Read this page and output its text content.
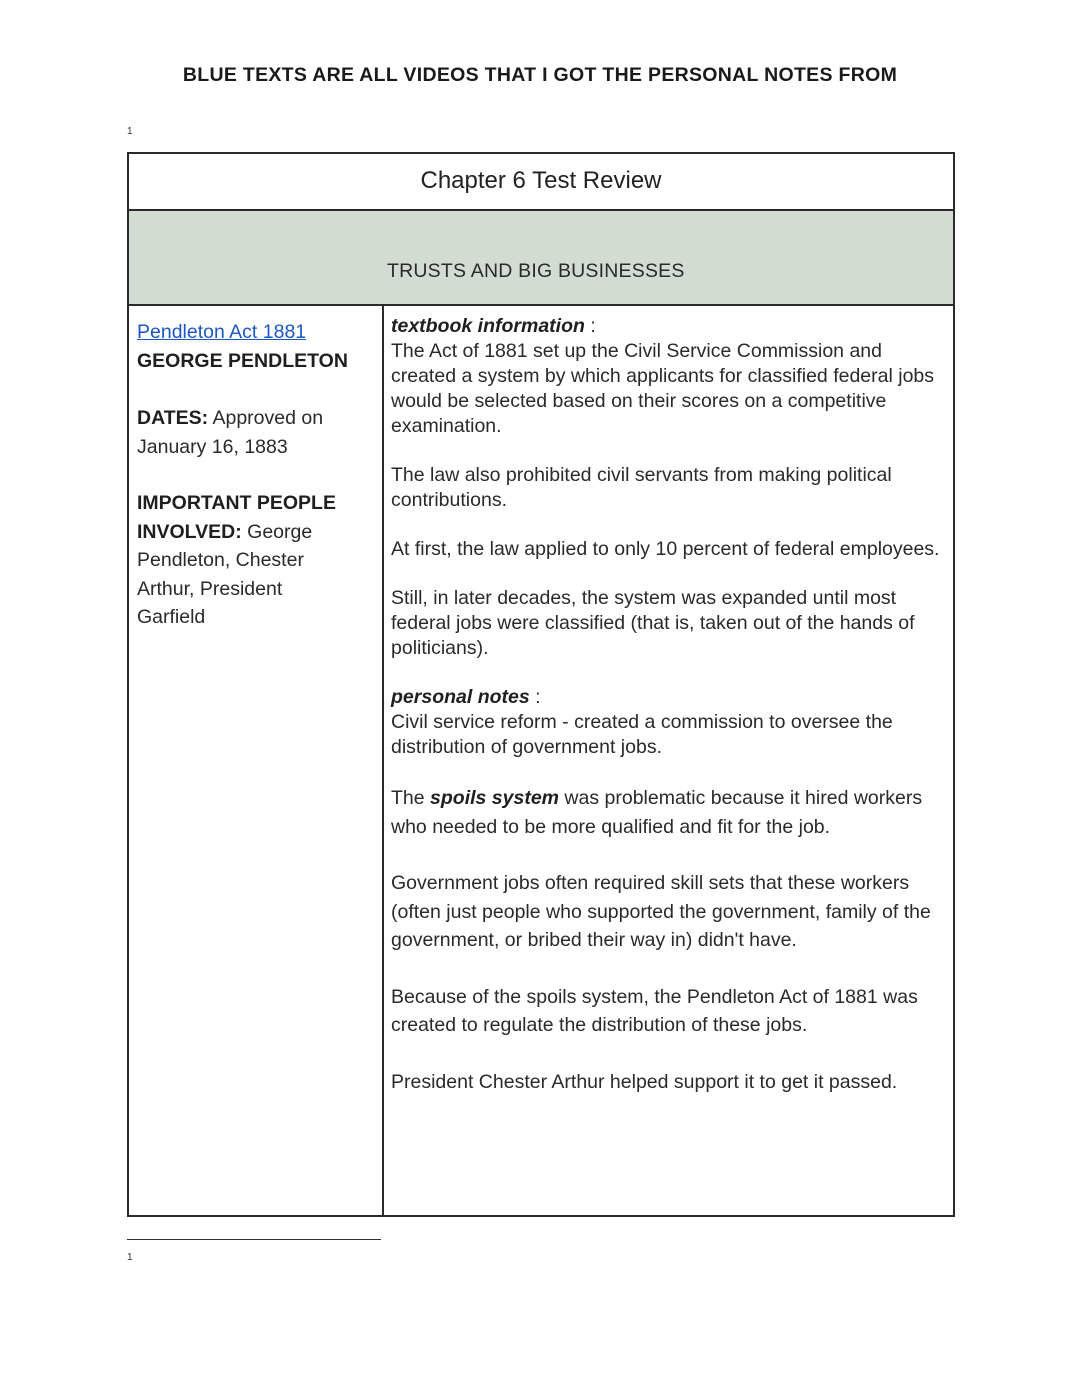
BLUE TEXTS ARE ALL VIDEOS THAT I GOT THE PERSONAL NOTES FROM
1
Chapter 6 Test Review
TRUSTS AND BIG BUSINESSES
Pendleton Act 1881
GEORGE PENDLETON
DATES: Approved on
January 16, 1883
IMPORTANT PEOPLE
INVOLVED: George
Pendleton, Chester
Arthur, President
Garfield

textbook information :

The Act of 1881 set up the Civil Service Commission and created a system by which applicants for classified federal jobs would be selected based on their scores on a competitive examination.

The law also prohibited civil servants from making political contributions.

At first, the law applied to only 10 percent of federal employees.

Still, in later decades, the system was expanded until most federal jobs were classified (that is, taken out of the hands of politicians).

personal notes :

Civil service reform - created a commission to oversee the distribution of government jobs.

The spoils system was problematic because it hired workers who needed to be more qualified and fit for the job.

Government jobs often required skill sets that these workers (often just people who supported the government, family of the government, or bribed their way in) didn't have.

Because of the spoils system, the Pendleton Act of 1881 was created to regulate the distribution of these jobs.

President Chester Arthur helped support it to get it passed.

1
